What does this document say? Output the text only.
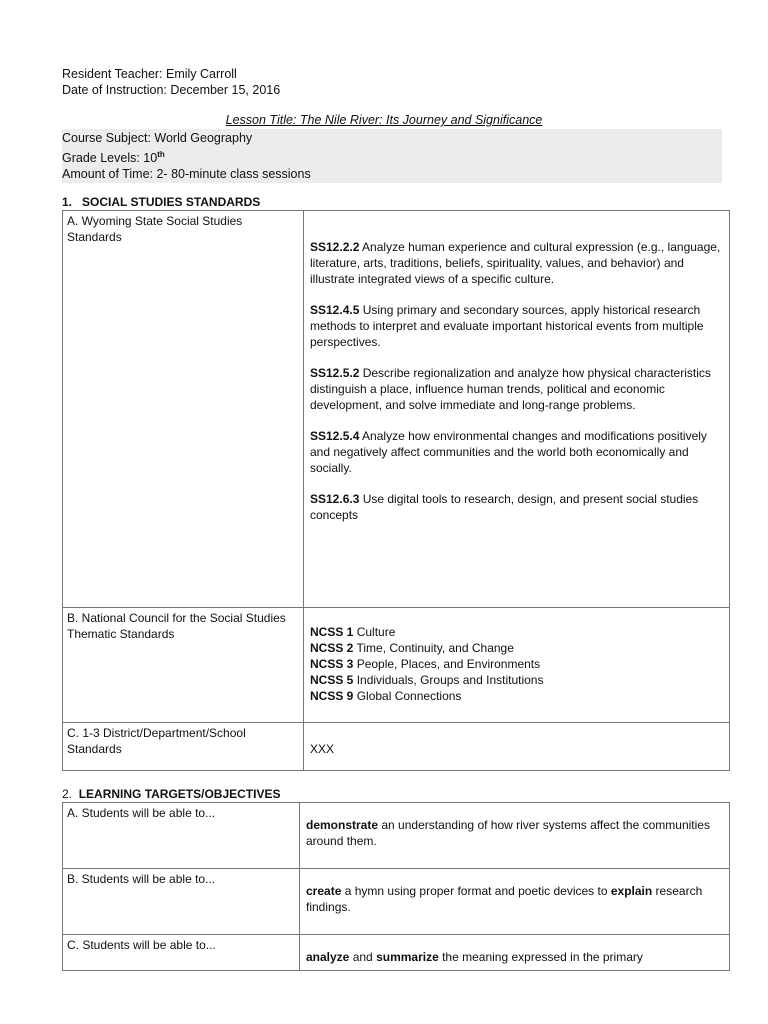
Resident Teacher: Emily Carroll
Date of Instruction: December 15, 2016
Lesson Title: The Nile River: Its Journey and Significance
Course Subject: World Geography
Grade Levels: 10th
Amount of Time: 2- 80-minute class sessions
1. SOCIAL STUDIES STANDARDS
A. Wyoming State Social Studies Standards	SS12.2.2 Analyze human experience and cultural expression (e.g., language, literature, arts, traditions, beliefs, spirituality, values, and behavior) and illustrate integrated views of a specific culture.
SS12.4.5 Using primary and secondary sources, apply historical research methods to interpret and evaluate important historical events from multiple perspectives.
SS12.5.2 Describe regionalization and analyze how physical characteristics distinguish a place, influence human trends, political and economic development, and solve immediate and long-range problems.
SS12.5.4 Analyze how environmental changes and modifications positively and negatively affect communities and the world both economically and socially.
SS12.6.3 Use digital tools to research, design, and present social studies concepts

B. National Council for the Social Studies Thematic Standards	NCSS 1 Culture
NCSS 2 Time, Continuity, and Change
NCSS 3 People, Places, and Environments
NCSS 5 Individuals, Groups and Institutions
NCSS 9 Global Connections

C. 1-3 District/Department/School Standards	XXX
2. LEARNING TARGETS/OBJECTIVES
A. Students will be able to...	demonstrate an understanding of how river systems affect the communities around them.
B. Students will be able to...	create a hymn using proper format and poetic devices to explain research findings.
C. Students will be able to...	analyze and summarize the meaning expressed in the primary
